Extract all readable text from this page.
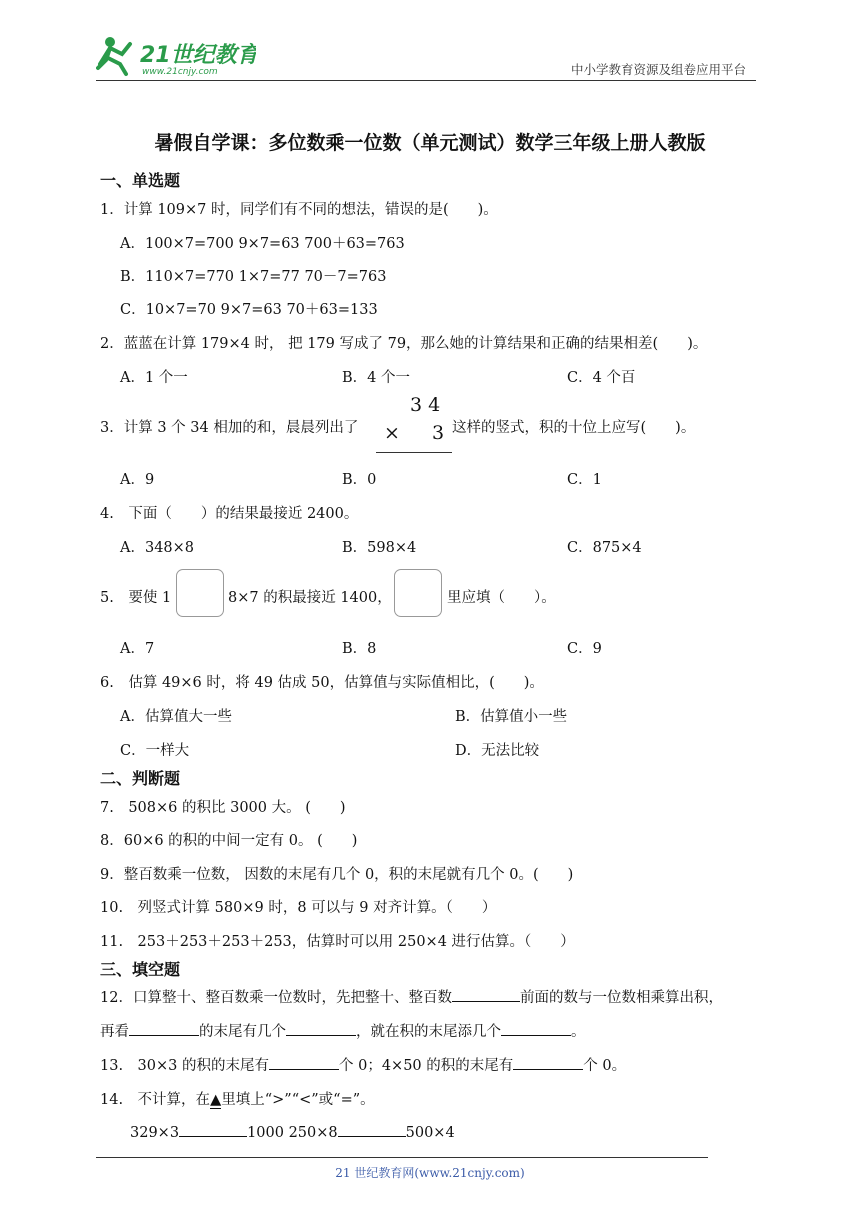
21世纪教育
www.21cnjy.com	中小学教育资源及组卷应用平台
暑假自学课：多位数乘一位数（单元测试）数学三年级上册人教版
一、单选题
1．计算 109×7 时，同学们有不同的想法，错误的是(　　)。
A．100×7=700 9×7=63 700＋63=763
B．110×7=770 1×7=77 70－7=763
C．10×7=70 9×7=63 70＋63=133
2．蓝蓝在计算 179×4 时， 把 179 写成了 79，那么她的计算结果和正确的结果相差(　　)。
A．1 个一	B．4 个一	C．4 个百
3．计算 3 个 34 相加的和，晨晨列出了
3 4
× 3 这样的竖式，积的十位上应写(　　)。
A．9	B．0	C．1
4.　下面（　　）的结果最接近 2400。
A．348×8	B．598×4	C．875×4
5.　要使 1	8×7 的积最接近 1400，	里应填（　　）。
A．7	B．8	C．9
6.　估算 49×6 时，将 49 估成 50，估算值与实际值相比，(　　)。
A．估算值大一些	B．估算值小一些
C．一样大	D．无法比较
二、判断题
7.　508×6 的积比 3000 大。 (　　)
8．60×6 的积的中间一定有 0。 (　　)
9．整百数乘一位数， 因数的末尾有几个 0，积的末尾就有几个 0。(　　)
10.　列竖式计算 580×9 时，8 可以与 9 对齐计算。（　　）
11.　253＋253＋253＋253，估算时可以用 250×4 进行估算。（　　）
三、填空题
12．口算整十、整百数乘一位数时，先把整十、整百数	前面的数与一位数相乘算出积，
再看	的末尾有几个	，就在积的末尾添几个	。
13.　30×3 的积的末尾有	个 0；4×50 的积的末尾有	个 0。
14.　不计算，在▲里填上“>”“<”或“=”。
329×3	1000 250×8	500×4
21 世纪教育网(www.21cnjy.com)
